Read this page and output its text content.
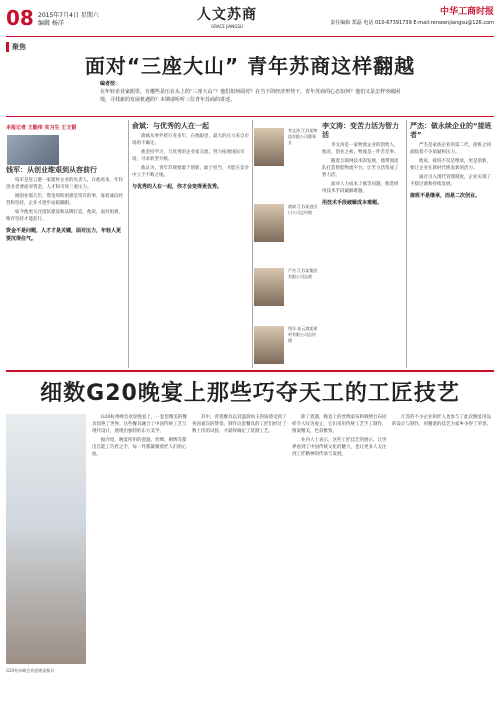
08 2015年7月4日 星期六
编辑 杨洋
人文苏商
GRACE JIANGSU
中华工商时报
责任编辑 郑磊 电话 010-67391739 E-mail:renwenjiangsu@126.com
聚焦
面对“三座大山” 青年苏商这样翻越
编者按：
在年轻企业家眼里，有哪些是压在头上的“三座大山”？他们如何面对？在当下的经济形势下，青年苏商的心态如何？他们又是怎样突破困境，寻找新的发展机遇的？本期请听听三位青年苏商的讲述。
本报记者 王勤伟 实习生 王文韬
钱军：从创业维艰到从容前行

钱军是连云港一家建材企业的负责人，在他看来，年轻创业者要面对资金、人才和市场三重压力。

刚创业那几年，资金周转困难是常有的事，靠着诚信经营和坚持，企业才逐步站稳脚跟。

如今他更关注团队建设和品牌打造，他说，面对困难，唯有坚持才能前行。

资金不是问题，人才才是关键，面对压力，年轻人更要沉得住气。
俞斌：与优秀的人在一起

俞斌从事外贸行业多年，在他眼里，最大的压力来自市场的不确定。

他坚持学习，与优秀的企业家交流，努力拓展国际市场，寻求转型升级。

他认为，青年苏商要敢于创新，敢于担当，才能在竞争中立于不败之地。

与优秀的人在一起，你才会变得更优秀。
李文涛 江苏某物流有限公司董事长
俞斌 江苏某进出口公司总经理
严杰 江苏某集团有限公司总裁
钱军 连云港某建材有限公司总经理
李文涛：变苦力活为智力活

李文涛是一家物流企业的创始人，他说，创业之初，物流是一件苦差事。

随着互联网技术的发展，他带领团队打造智能物流平台，让苦力活变成了智力活。

面对人力成本上涨等问题，他选择用技术手段破解难题。

用技术手段破解成本难题。
严杰：做永续企业的“接班者”

严杰是家族企业的第二代，接班之初面临着不少质疑和压力。

他说，接班不仅是继承，更是创新，要让企业在新时代焕发新的活力。

通过引入现代管理制度，企业实现了平稳过渡和持续发展。

接班不是继承，而是二次创业。
细数G20晚宴上那些巧夺天工的工匠技艺
G20杭州峰会欢迎晚宴餐具

G20杭州峰会欢迎晚宴上，一套套精美的餐具惊艳了世界。这些餐具融合了中国传统工艺与现代设计，展现出独特的东方美学。

据介绍，晚宴所用的瓷器、丝绸、刺绣等都出自能工巧匠之手，每一件都凝聚着匠人们的心血。

其中，青瓷餐具以其温润如玉的质感受到了各国嘉宾的赞誉。制作这套餐具的工匠们经过了数十次的试验，才最终确定了烧制工艺。

除了瓷器，晚宴上的丝绸桌布和刺绣台布同样令人叹为观止，它们采用传统工艺手工制作，图案精美，色彩雅致。

业内人士表示，这些工匠技艺的展示，让世界看到了中国传统文化的魅力，也让更多人关注到工匠精神的传承与发展。

江苏的不少企业和匠人也参与了此次晚宴用品的设计与制作，用精湛的技艺为家乡争得了荣誉。
